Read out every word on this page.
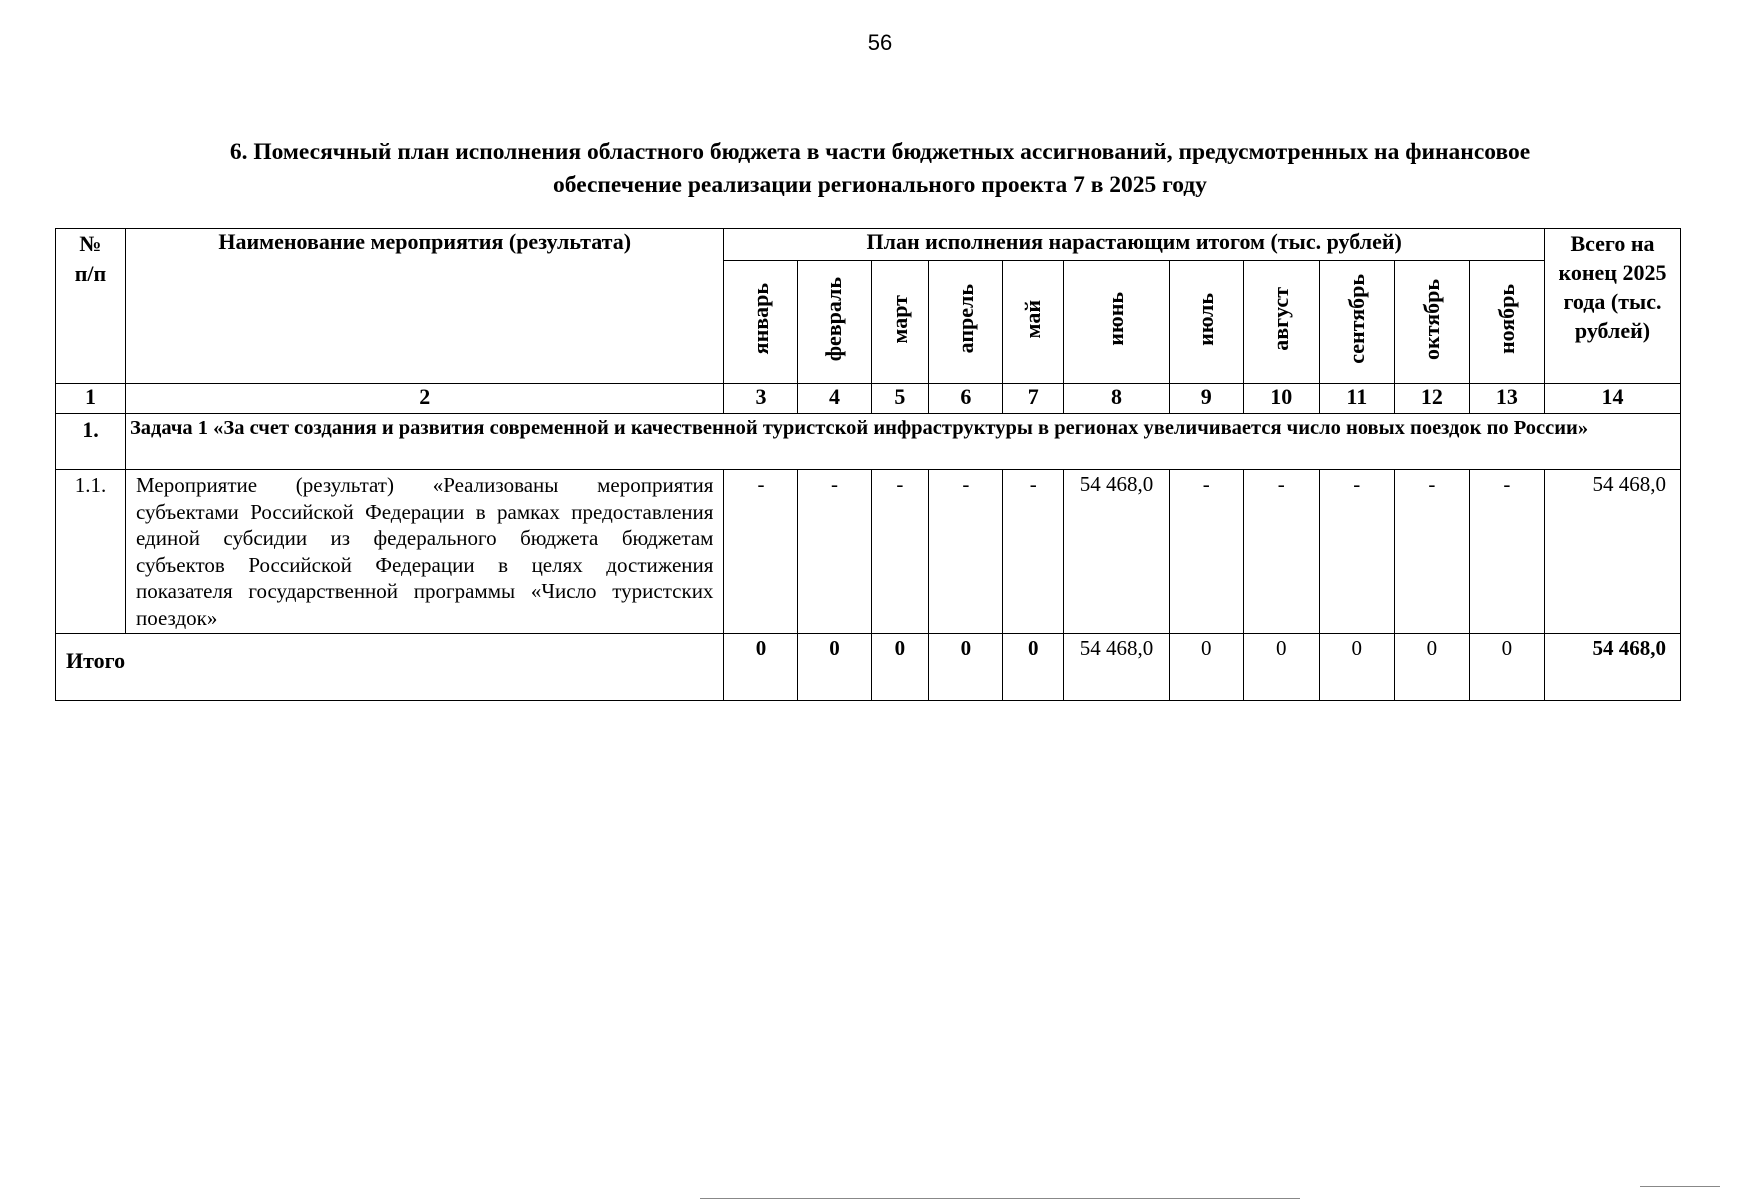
56
6. Помесячный план исполнения областного бюджета в части бюджетных ассигнований, предусмотренных на финансовое
обеспечение реализации регионального проекта 7 в 2025 году
№ п/п	Наименование мероприятия (результата)	План исполнения нарастающим итогом (тыс. рублей)											Всего на конец 2025 года (тыс. рублей)
		январь	февраль	март	апрель	май	июнь	июль	август	сентябрь	октябрь	ноябрь	
1	2	3	4	5	6	7	8	9	10	11	12	13	14
1.	Задача 1 «За счет создания и развития современной и качественной туристской инфраструктуры в регионах увеличивается число новых поездок по России»												
1.1.	Мероприятие (результат) «Реализованы мероприятия субъектами Российской Федерации в рамках предоставления единой субсидии из федерального бюджета бюджетам субъектов Российской Федерации в целях достижения показателя государственной программы «Число туристских поездок»	-	-	-	-	-	54 468,0	-	-	-	-	-	54 468,0
Итого		0	0	0	0	0	54 468,0	0	0	0	0	0	54 468,0
